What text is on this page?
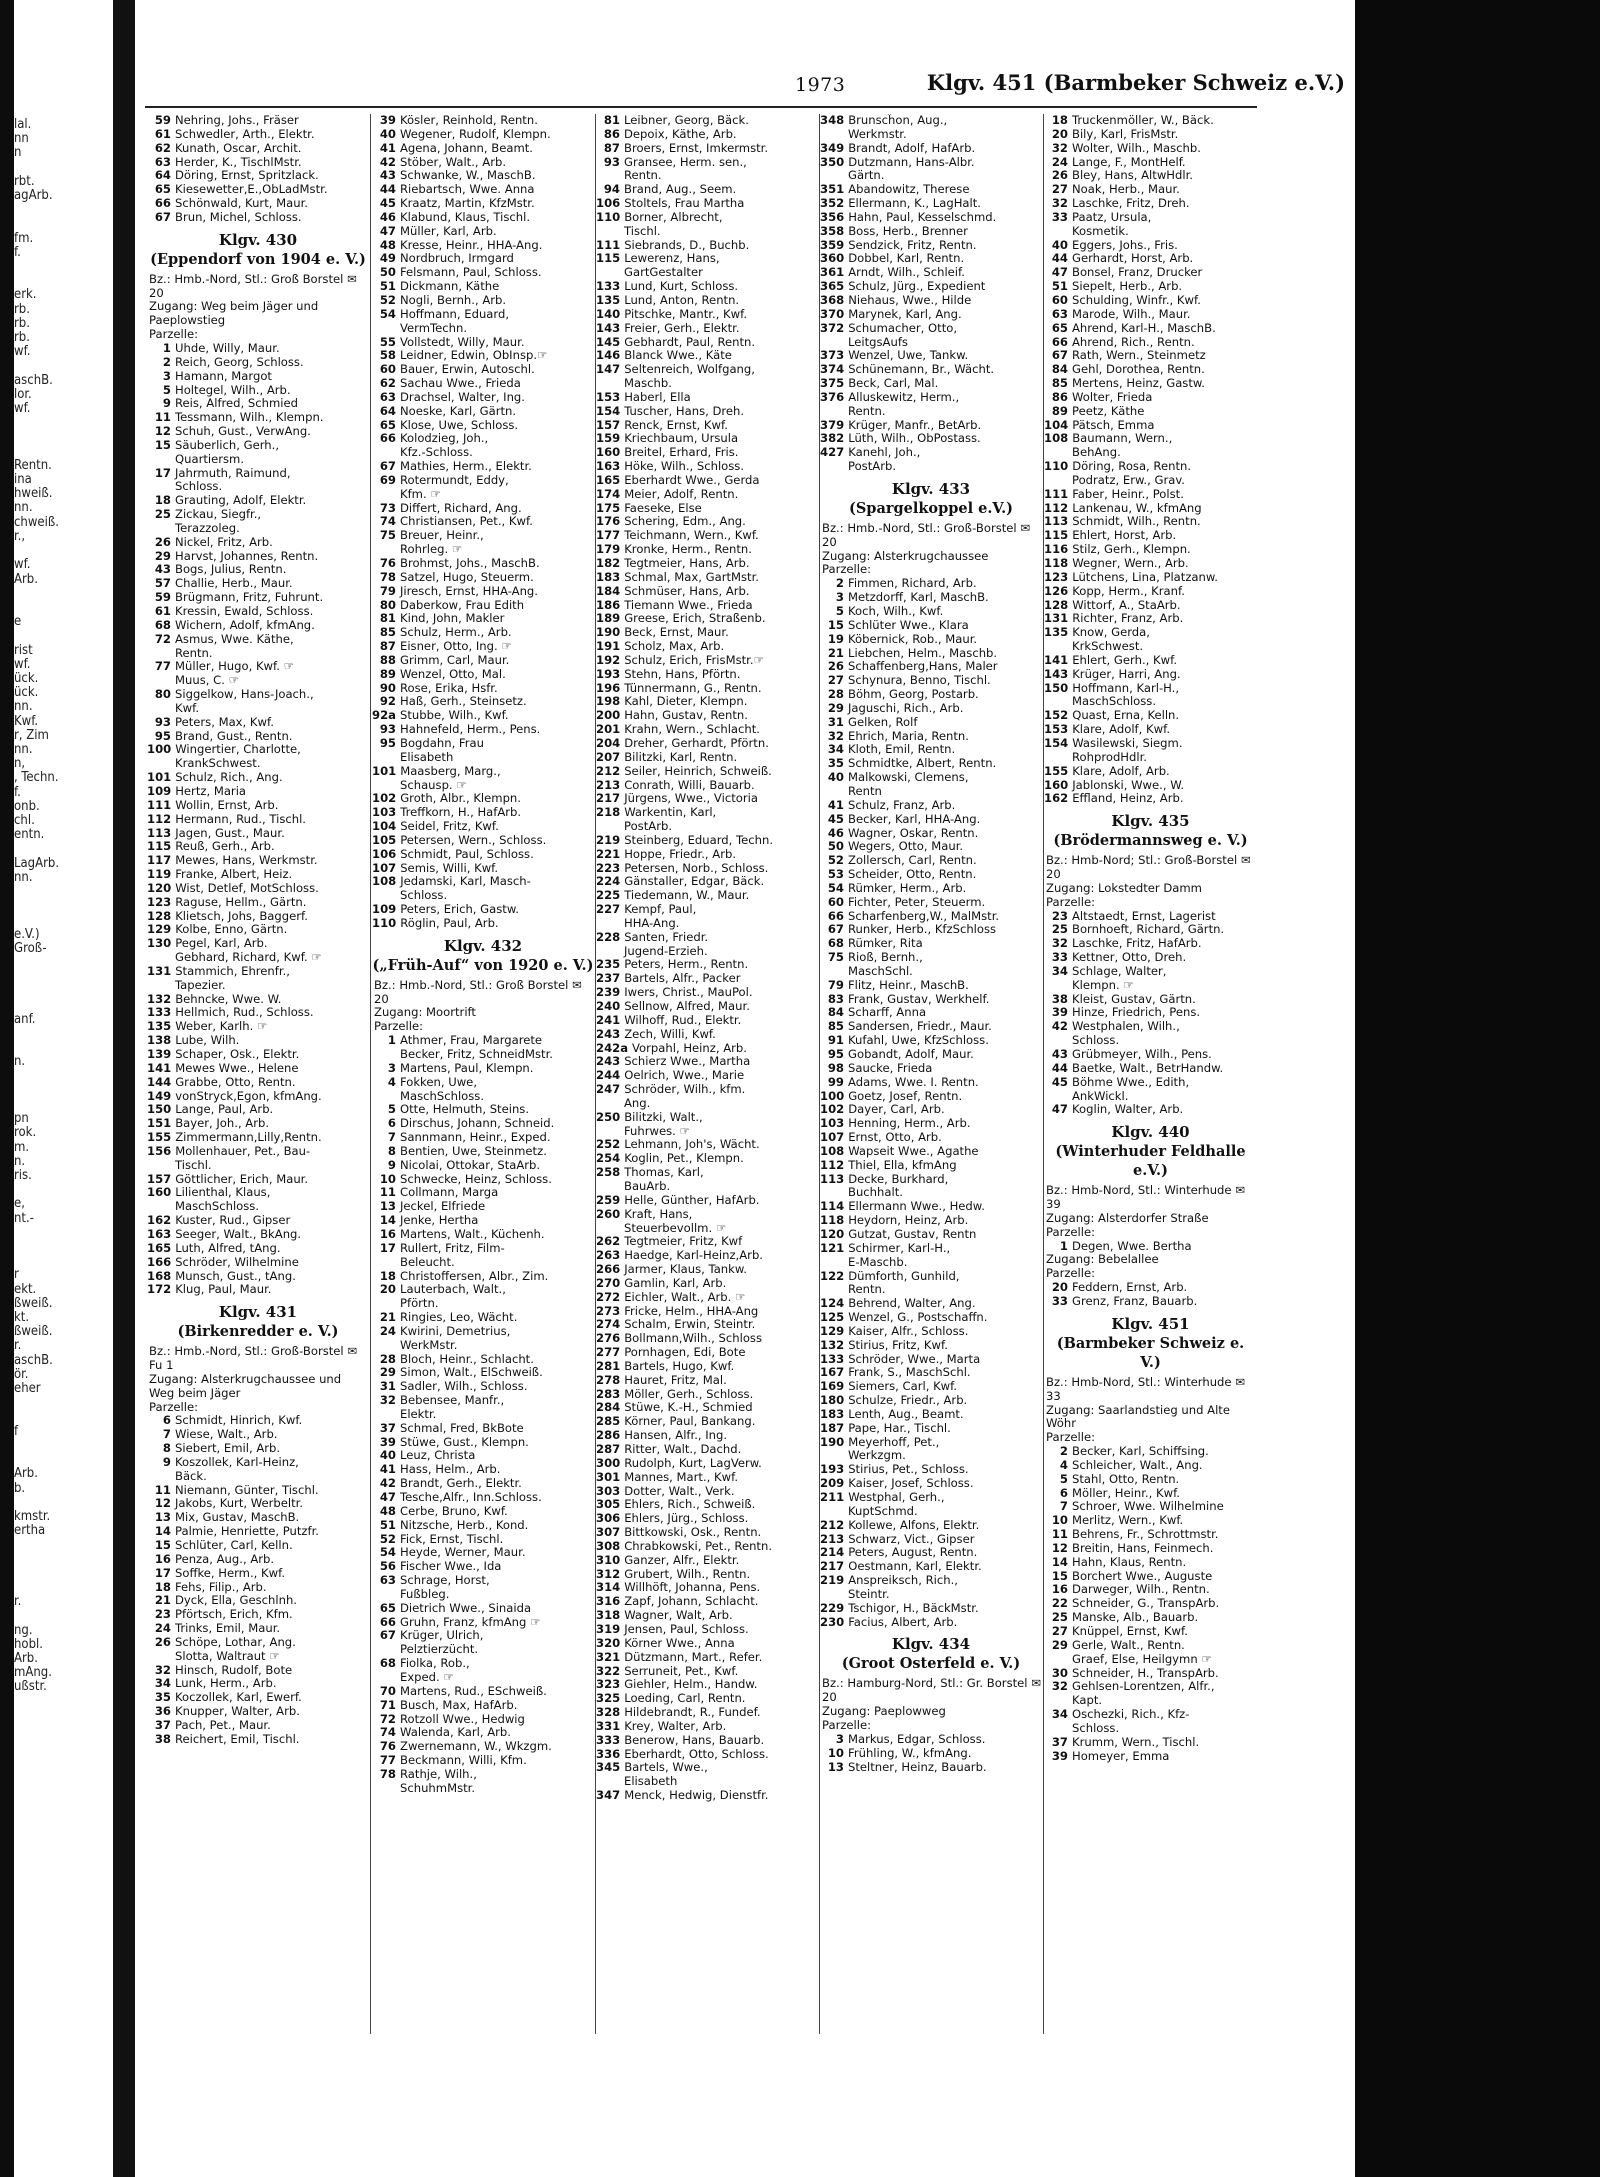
lal.
nn
n

rbt.
agArb.

fm.
f.

erk.
rb.
rb.
rb.
wf.

aschB.
lor.
wf.

Rentn.
ina
hweiß.
nn.
chweiß.
r.,

wf.
Arb.

e

rist
wf.
ück.
ück.
nn.
Kwf.
r, Zim
nn.
n,
, Techn.
f.
onb.
chl.
entn.

LagArb.
nn.

e.V.)
Groß-

anf.

n.

pn
rok.
m.
n.
ris.

e,
nt.-

r
ekt.
ßweiß.
kt.
ßweiß.
r.
aschB.
ör.
eher

f

Arb.
b.

kmstr.
ertha

r.

ng.
hobl.
Arb.
mAng.
ußstr.
1973	Klgv. 451 (Barmbeker Schweiz e.V.)
59 Nehring, Johs., Fräser
61 Schwedler, Arth., Elektr.
62 Kunath, Oscar, Archit.
63 Herder, K., TischlMstr.
64 Döring, Ernst, Spritzlack.
65 Kiesewetter,E.,ObLadMstr.
66 Schönwald, Kurt, Maur.
67 Brun, Michel, Schloss.
Klgv. 430
(Eppendorf von 1904 e. V.)
Bz.: Hmb.-Nord, Stl.: Groß Borstel ✉ 20
Zugang: Weg beim Jäger und Paeplowstieg
Parzelle:
1 Uhde, Willy, Maur.
2 Reich, Georg, Schloss.
3 Hamann, Margot
5 Holtegel, Wilh., Arb.
9 Reis, Alfred, Schmied
11 Tessmann, Wilh., Klempn.
12 Schuh, Gust., VerwAng.
15 Säuberlich, Gerh.,
Quartiersm.
17 Jahrmuth, Raimund,
Schloss.
18 Grauting, Adolf, Elektr.
25 Zickau, Siegfr.,
Terazzoleg.
26 Nickel, Fritz, Arb.
29 Harvst, Johannes, Rentn.
43 Bogs, Julius, Rentn.
57 Challie, Herb., Maur.
59 Brügmann, Fritz, Fuhrunt.
61 Kressin, Ewald, Schloss.
68 Wichern, Adolf, kfmAng.
72 Asmus, Wwe. Käthe,
Rentn.
77 Müller, Hugo, Kwf. ☞
Muus, C. ☞
80 Siggelkow, Hans-Joach.,
Kwf.
93 Peters, Max, Kwf.
95 Brand, Gust., Rentn.
100 Wingertier, Charlotte,
KrankSchwest.
101 Schulz, Rich., Ang.
109 Hertz, Maria
111 Wollin, Ernst, Arb.
112 Hermann, Rud., Tischl.
113 Jagen, Gust., Maur.
115 Reuß, Gerh., Arb.
117 Mewes, Hans, Werkmstr.
119 Franke, Albert, Heiz.
120 Wist, Detlef, MotSchloss.
123 Raguse, Hellm., Gärtn.
128 Klietsch, Johs, Baggerf.
129 Kolbe, Enno, Gärtn.
130 Pegel, Karl, Arb.
Gebhard, Richard, Kwf. ☞
131 Stammich, Ehrenfr.,
Tapezier.
132 Behncke, Wwe. W.
133 Hellmich, Rud., Schloss.
135 Weber, Karlh. ☞
138 Lube, Wilh.
139 Schaper, Osk., Elektr.
141 Mewes Wwe., Helene
144 Grabbe, Otto, Rentn.
149 vonStryck,Egon, kfmAng.
150 Lange, Paul, Arb.
151 Bayer, Joh., Arb.
155 Zimmermann,Lilly,Rentn.
156 Mollenhauer, Pet., Bau-
Tischl.
157 Göttlicher, Erich, Maur.
160 Lilienthal, Klaus,
MaschSchloss.
162 Kuster, Rud., Gipser
163 Seeger, Walt., BkAng.
165 Luth, Alfred, tAng.
166 Schröder, Wilhelmine
168 Munsch, Gust., tAng.
172 Klug, Paul, Maur.
Klgv. 431
(Birkenredder e. V.)
Bz.: Hmb.-Nord, Stl.: Groß-Borstel ✉ Fu 1
Zugang: Alsterkrugchaussee und Weg beim Jäger
Parzelle:
6 Schmidt, Hinrich, Kwf.
7 Wiese, Walt., Arb.
8 Siebert, Emil, Arb.
9 Koszollek, Karl-Heinz,
Bäck.
11 Niemann, Günter, Tischl.
12 Jakobs, Kurt, Werbeltr.
13 Mix, Gustav, MaschB.
14 Palmie, Henriette, Putzfr.
15 Schlüter, Carl, Kelln.
16 Penza, Aug., Arb.
17 Soffke, Herm., Kwf.
18 Fehs, Filip., Arb.
21 Dyck, Ella, Geschlnh.
23 Pförtsch, Erich, Kfm.
24 Trinks, Emil, Maur.
26 Schöpe, Lothar, Ang.
Slotta, Waltraut ☞
32 Hinsch, Rudolf, Bote
34 Lunk, Herm., Arb.
35 Koczollek, Karl, Ewerf.
36 Knupper, Walter, Arb.
37 Pach, Pet., Maur.
38 Reichert, Emil, Tischl.
39 Kösler, Reinhold, Rentn.
40 Wegener, Rudolf, Klempn.
41 Agena, Johann, Beamt.
42 Stöber, Walt., Arb.
43 Schwanke, W., MaschB.
44 Riebartsch, Wwe. Anna
45 Kraatz, Martin, KfzMstr.
46 Klabund, Klaus, Tischl.
47 Müller, Karl, Arb.
48 Kresse, Heinr., HHA-Ang.
49 Nordbruch, Irmgard
50 Felsmann, Paul, Schloss.
51 Dickmann, Käthe
52 Nogli, Bernh., Arb.
54 Hoffmann, Eduard,
VermTechn.
55 Vollstedt, Willy, Maur.
58 Leidner, Edwin, ObInsp.☞
60 Bauer, Erwin, Autoschl.
62 Sachau Wwe., Frieda
63 Drachsel, Walter, Ing.
64 Noeske, Karl, Gärtn.
65 Klose, Uwe, Schloss.
66 Kolodzieg, Joh.,
Kfz.-Schloss.
67 Mathies, Herm., Elektr.
69 Rotermundt, Eddy,
Kfm. ☞
73 Differt, Richard, Ang.
74 Christiansen, Pet., Kwf.
75 Breuer, Heinr.,
Rohrleg. ☞
76 Brohmst, Johs., MaschB.
78 Satzel, Hugo, Steuerm.
79 Jiresch, Ernst, HHA-Ang.
80 Daberkow, Frau Edith
81 Kind, John, Makler
85 Schulz, Herm., Arb.
87 Eisner, Otto, Ing. ☞
88 Grimm, Carl, Maur.
89 Wenzel, Otto, Mal.
90 Rose, Erika, Hsfr.
92 Haß, Gerh., Steinsetz.
92a Stubbe, Wilh., Kwf.
93 Hahnefeld, Herm., Pens.
95 Bogdahn, Frau
Elisabeth
101 Maasberg, Marg.,
Schausp. ☞
102 Groth, Albr., Klempn.
103 Treffkorn, H., HafArb.
104 Seidel, Fritz, Kwf.
105 Petersen, Wern., Schloss.
106 Schmidt, Paul, Schloss.
107 Semis, Willi, Kwf.
108 Jedamski, Karl, Masch-
Schloss.
109 Peters, Erich, Gastw.
110 Röglin, Paul, Arb.
Klgv. 432
(„Früh-Auf“ von 1920 e. V.)
Bz.: Hmb.-Nord, Stl.: Groß Borstel ✉ 20
Zugang: Moortrift
Parzelle:
1 Athmer, Frau, Margarete
Becker, Fritz, SchneidMstr.
3 Martens, Paul, Klempn.
4 Fokken, Uwe,
MaschSchloss.
5 Otte, Helmuth, Steins.
6 Dirschus, Johann, Schneid.
7 Sannmann, Heinr., Exped.
8 Bentien, Uwe, Steinmetz.
9 Nicolai, Ottokar, StaArb.
10 Schwecke, Heinz, Schloss.
11 Collmann, Marga
13 Jeckel, Elfriede
14 Jenke, Hertha
16 Martens, Walt., Küchenh.
17 Rullert, Fritz, Film-
Beleucht.
18 Christoffersen, Albr., Zim.
20 Lauterbach, Walt.,
Pförtn.
21 Ringies, Leo, Wächt.
24 Kwirini, Demetrius,
WerkMstr.
28 Bloch, Heinr., Schlacht.
29 Simon, Walt., ElSchweiß.
31 Sadler, Wilh., Schloss.
32 Bebensee, Manfr.,
Elektr.
37 Schmal, Fred, BkBote
39 Stüwe, Gust., Klempn.
40 Leuz, Christa
41 Hass, Helm., Arb.
42 Brandt, Gerh., Elektr.
47 Tesche,Alfr., Inn.Schloss.
48 Cerbe, Bruno, Kwf.
51 Nitzsche, Herb., Kond.
52 Fick, Ernst, Tischl.
54 Heyde, Werner, Maur.
56 Fischer Wwe., Ida
63 Schrage, Horst,
Fußbleg.
65 Dietrich Wwe., Sinaida
66 Gruhn, Franz, kfmAng ☞
67 Krüger, Ulrich,
Pelztierzücht.
68 Fiolka, Rob.,
Exped. ☞
70 Martens, Rud., ESchweiß.
71 Busch, Max, HafArb.
72 Rotzoll Wwe., Hedwig
74 Walenda, Karl, Arb.
76 Zwernemann, W., Wkzgm.
77 Beckmann, Willi, Kfm.
78 Rathje, Wilh.,
SchuhmMstr.
81 Leibner, Georg, Bäck.
86 Depoix, Käthe, Arb.
87 Broers, Ernst, Imkermstr.
93 Gransee, Herm. sen.,
Rentn.
94 Brand, Aug., Seem.
106 Stoltels, Frau Martha
110 Borner, Albrecht,
Tischl.
111 Siebrands, D., Buchb.
115 Lewerenz, Hans,
GartGestalter
133 Lund, Kurt, Schloss.
135 Lund, Anton, Rentn.
140 Pitschke, Mantr., Kwf.
143 Freier, Gerh., Elektr.
145 Gebhardt, Paul, Rentn.
146 Blanck Wwe., Käte
147 Seltenreich, Wolfgang,
Maschb.
153 Haberl, Ella
154 Tuscher, Hans, Dreh.
157 Renck, Ernst, Kwf.
159 Kriechbaum, Ursula
160 Breitel, Erhard, Fris.
163 Höke, Wilh., Schloss.
165 Eberhardt Wwe., Gerda
174 Meier, Adolf, Rentn.
175 Faeseke, Else
176 Schering, Edm., Ang.
177 Teichmann, Wern., Kwf.
179 Kronke, Herm., Rentn.
182 Tegtmeier, Hans, Arb.
183 Schmal, Max, GartMstr.
184 Schmüser, Hans, Arb.
186 Tiemann Wwe., Frieda
189 Greese, Erich, Straßenb.
190 Beck, Ernst, Maur.
191 Scholz, Max, Arb.
192 Schulz, Erich, FrisMstr.☞
193 Stehn, Hans, Pförtn.
196 Tünnermann, G., Rentn.
198 Kahl, Dieter, Klempn.
200 Hahn, Gustav, Rentn.
201 Krahn, Wern., Schlacht.
204 Dreher, Gerhardt, Pförtn.
207 Bilitzki, Karl, Rentn.
212 Seiler, Heinrich, Schweiß.
213 Conrath, Willi, Bauarb.
217 Jürgens, Wwe., Victoria
218 Warkentin, Karl,
PostArb.
219 Steinberg, Eduard, Techn.
221 Hoppe, Friedr., Arb.
223 Petersen, Norb., Schloss.
224 Gänstaller, Edgar, Bäck.
225 Tiedemann, W., Maur.
227 Kempf, Paul,
HHA-Ang.
228 Santen, Friedr.
Jugend-Erzieh.
235 Peters, Herm., Rentn.
237 Bartels, Alfr., Packer
239 Iwers, Christ., MauPol.
240 Sellnow, Alfred, Maur.
241 Wilhoff, Rud., Elektr.
243 Zech, Willi, Kwf.
242a Vorpahl, Heinz, Arb.
243 Schierz Wwe., Martha
244 Oelrich, Wwe., Marie
247 Schröder, Wilh., kfm.
Ang.
250 Bilitzki, Walt.,
Fuhrwes. ☞
252 Lehmann, Joh's, Wächt.
254 Koglin, Pet., Klempn.
258 Thomas, Karl,
BauArb.
259 Helle, Günther, HafArb.
260 Kraft, Hans,
Steuerbevollm. ☞
262 Tegtmeier, Fritz, Kwf
263 Haedge, Karl-Heinz,Arb.
266 Jarmer, Klaus, Tankw.
270 Gamlin, Karl, Arb.
272 Eichler, Walt., Arb. ☞
273 Fricke, Helm., HHA-Ang
274 Schalm, Erwin, Steintr.
276 Bollmann,Wilh., Schloss
277 Pornhagen, Edi, Bote
281 Bartels, Hugo, Kwf.
278 Hauret, Fritz, Mal.
283 Möller, Gerh., Schloss.
284 Stüwe, K.-H., Schmied
285 Körner, Paul, Bankang.
286 Hansen, Alfr., Ing.
287 Ritter, Walt., Dachd.
300 Rudolph, Kurt, LagVerw.
301 Mannes, Mart., Kwf.
303 Dotter, Walt., Verk.
305 Ehlers, Rich., Schweiß.
306 Ehlers, Jürg., Schloss.
307 Bittkowski, Osk., Rentn.
308 Chrabkowski, Pet., Rentn.
310 Ganzer, Alfr., Elektr.
312 Grubert, Wilh., Rentn.
314 Willhöft, Johanna, Pens.
316 Zapf, Johann, Schlacht.
318 Wagner, Walt, Arb.
319 Jensen, Paul, Schloss.
320 Körner Wwe., Anna
321 Dützmann, Mart., Refer.
322 Serruneit, Pet., Kwf.
323 Giehler, Helm., Handw.
325 Loeding, Carl, Rentn.
328 Hildebrandt, R., Fundef.
331 Krey, Walter, Arb.
333 Benerow, Hans, Bauarb.
336 Eberhardt, Otto, Schloss.
345 Bartels, Wwe.,
Elisabeth
347 Menck, Hedwig, Dienstfr.
348 Brunscḧon, Aug.,
Werkmstr.
349 Brandt, Adolf, HafArb.
350 Dutzmann, Hans-Albr.
Gärtn.
351 Abandowitz, Therese
352 Ellermann, K., LagHalt.
356 Hahn, Paul, Kesselschmd.
358 Boss, Herb., Brenner
359 Sendzick, Fritz, Rentn.
360 Dobbel, Karl, Rentn.
361 Arndt, Wilh., Schleif.
365 Schulz, Jürg., Expedient
368 Niehaus, Wwe., Hilde
370 Marynek, Karl, Ang.
372 Schumacher, Otto,
LeitgsAufs
373 Wenzel, Uwe, Tankw.
374 Schünemann, Br., Wächt.
375 Beck, Carl, Mal.
376 Alluskewitz, Herm.,
Rentn.
379 Krüger, Manfr., BetArb.
382 Lüth, Wilh., ObPostass.
427 Kanehl, Joh.,
PostArb.
Klgv. 433
(Spargelkoppel e.V.)
Bz.: Hmb.-Nord, Stl.: Groß-Borstel ✉ 20
Zugang: Alsterkrugchaussee
Parzelle:
2 Fimmen, Richard, Arb.
3 Metzdorff, Karl, MaschB.
5 Koch, Wilh., Kwf.
15 Schlüter Wwe., Klara
19 Köbernick, Rob., Maur.
21 Liebchen, Helm., Maschb.
26 Schaffenberg,Hans, Maler
27 Schynura, Benno, Tischl.
28 Böhm, Georg, Postarb.
29 Jaguschi, Rich., Arb.
31 Gelken, Rolf
32 Ehrich, Maria, Rentn.
34 Kloth, Emil, Rentn.
35 Schmidtke, Albert, Rentn.
40 Malkowski, Clemens,
Rentn
41 Schulz, Franz, Arb.
45 Becker, Karl, HHA-Ang.
46 Wagner, Oskar, Rentn.
50 Wegers, Otto, Maur.
52 Zollersch, Carl, Rentn.
53 Scheider, Otto, Rentn.
54 Rümker, Herm., Arb.
60 Fichter, Peter, Steuerm.
66 Scharfenberg,W., MalMstr.
67 Runker, Herb., KfzSchloss
68 Rümker, Rita
75 Rioß, Bernh.,
MaschSchl.
79 Flitz, Heinr., MaschB.
83 Frank, Gustav, Werkhelf.
84 Scharff, Anna
85 Sandersen, Friedr., Maur.
91 Kufahl, Uwe, KfzSchloss.
95 Gobandt, Adolf, Maur.
98 Saucke, Frieda
99 Adams, Wwe. I. Rentn.
100 Goetz, Josef, Rentn.
102 Dayer, Carl, Arb.
103 Henning, Herm., Arb.
107 Ernst, Otto, Arb.
108 Wapseit Wwe., Agathe
112 Thiel, Ella, kfmAng
113 Decke, Burkhard,
Buchhalt.
114 Ellermann Wwe., Hedw.
118 Heydorn, Heinz, Arb.
120 Gutzat, Gustav, Rentn
121 Schirmer, Karl-H.,
E-Maschb.
122 Dümforth, Gunhild,
Rentn.
124 Behrend, Walter, Ang.
125 Wenzel, G., Postschaffn.
129 Kaiser, Alfr., Schloss.
132 Stirius, Fritz, Kwf.
133 Schröder, Wwe., Marta
167 Frank, S., MaschSchl.
169 Siemers, Carl, Kwf.
180 Schulze, Friedr., Arb.
183 Lenth, Aug., Beamt.
187 Pape, Har., Tischl.
190 Meyerhoff, Pet.,
Werkzgm.
193 Stirius, Pet., Schloss.
209 Kaiser, Josef, Schloss.
211 Westphal, Gerh.,
KuptSchmd.
212 Kollewe, Alfons, Elektr.
213 Schwarz, Vict., Gipser
214 Peters, August, Rentn.
217 Oestmann, Karl, Elektr.
219 Anspreiksch, Rich.,
Steintr.
229 Tschigor, H., BäckMstr.
230 Facius, Albert, Arb.
Klgv. 434
(Groot Osterfeld e. V.)
Bz.: Hamburg-Nord, Stl.: Gr. Borstel ✉ 20
Zugang: Paeplowweg
Parzelle:
3 Markus, Edgar, Schloss.
10 Frühling, W., kfmAng.
13 Steltner, Heinz, Bauarb.
18 Truckenmöller, W., Bäck.
20 Bily, Karl, FrisMstr.
32 Wolter, Wilh., Maschb.
24 Lange, F., MontHelf.
26 Bley, Hans, AltwHdlr.
27 Noak, Herb., Maur.
32 Laschke, Fritz, Dreh.
33 Paatz, Ursula,
Kosmetik.
40 Eggers, Johs., Fris.
44 Gerhardt, Horst, Arb.
47 Bonsel, Franz, Drucker
51 Siepelt, Herb., Arb.
60 Schulding, Winfr., Kwf.
63 Marode, Wilh., Maur.
65 Ahrend, Karl-H., MaschB.
66 Ahrend, Rich., Rentn.
67 Rath, Wern., Steinmetz
84 Gehl, Dorothea, Rentn.
85 Mertens, Heinz, Gastw.
86 Wolter, Frieda
89 Peetz, Käthe
104 Pätsch, Emma
108 Baumann, Wern.,
BehAng.
110 Döring, Rosa, Rentn.
Podratz, Erw., Grav.
111 Faber, Heinr., Polst.
112 Lankenau, W., kfmAng
113 Schmidt, Wilh., Rentn.
115 Ehlert, Horst, Arb.
116 Stilz, Gerh., Klempn.
118 Wegner, Wern., Arb.
123 Lütchens, Lina, Platzanw.
126 Kopp, Herm., Kranf.
128 Wittorf, A., StaArb.
131 Richter, Franz, Arb.
135 Know, Gerda,
KrkSchwest.
141 Ehlert, Gerh., Kwf.
143 Krüger, Harri, Ang.
150 Hoffmann, Karl-H.,
MaschSchloss.
152 Quast, Erna, Kelln.
153 Klare, Adolf, Kwf.
154 Wasilewski, Siegm.
RohprodHdlr.
155 Klare, Adolf, Arb.
160 Jablonski, Wwe., W.
162 Effland, Heinz, Arb.
Klgv. 435
(Brödermannsweg e. V.)
Bz.: Hmb-Nord; Stl.: Groß-Borstel ✉ 20
Zugang: Lokstedter Damm
Parzelle:
23 Altstaedt, Ernst, Lagerist
25 Bornhoeft, Richard, Gärtn.
32 Laschke, Fritz, HafArb.
33 Kettner, Otto, Dreh.
34 Schlage, Walter,
Klempn. ☞
38 Kleist, Gustav, Gärtn.
39 Hinze, Friedrich, Pens.
42 Westphalen, Wilh.,
Schloss.
43 Grübmeyer, Wilh., Pens.
44 Baetke, Walt., BetrHandw.
45 Böhme Wwe., Edith,
AnkWickl.
47 Koglin, Walter, Arb.
Klgv. 440
(Winterhuder Feldhalle e.V.)
Bz.: Hmb-Nord, Stl.: Winterhude ✉ 39
Zugang: Alsterdorfer Straße
Parzelle:
1 Degen, Wwe. Bertha
Zugang: Bebelallee
Parzelle:
20 Feddern, Ernst, Arb.
33 Grenz, Franz, Bauarb.
Klgv. 451
(Barmbeker Schweiz e. V.)
Bz.: Hmb-Nord, Stl.: Winterhude ✉ 33
Zugang: Saarlandstieg und Alte Wöhr
Parzelle:
2 Becker, Karl, Schiffsing.
4 Schleicher, Walt., Ang.
5 Stahl, Otto, Rentn.
6 Möller, Heinr., Kwf.
7 Schroer, Wwe. Wilhelmine
10 Merlitz, Wern., Kwf.
11 Behrens, Fr., Schrottmstr.
12 Breitin, Hans, Feinmech.
14 Hahn, Klaus, Rentn.
15 Borchert Wwe., Auguste
16 Darweger, Wilh., Rentn.
22 Schneider, G., TranspArb.
25 Manske, Alb., Bauarb.
27 Knüppel, Ernst, Kwf.
29 Gerle, Walt., Rentn.
Graef, Else, Heilgymn ☞
30 Schneider, H., TranspArb.
32 Gehlsen-Lorentzen, Alfr.,
Kapt.
34 Oschezki, Rich., Kfz-
Schloss.
37 Krumm, Wern., Tischl.
39 Homeyer, Emma
